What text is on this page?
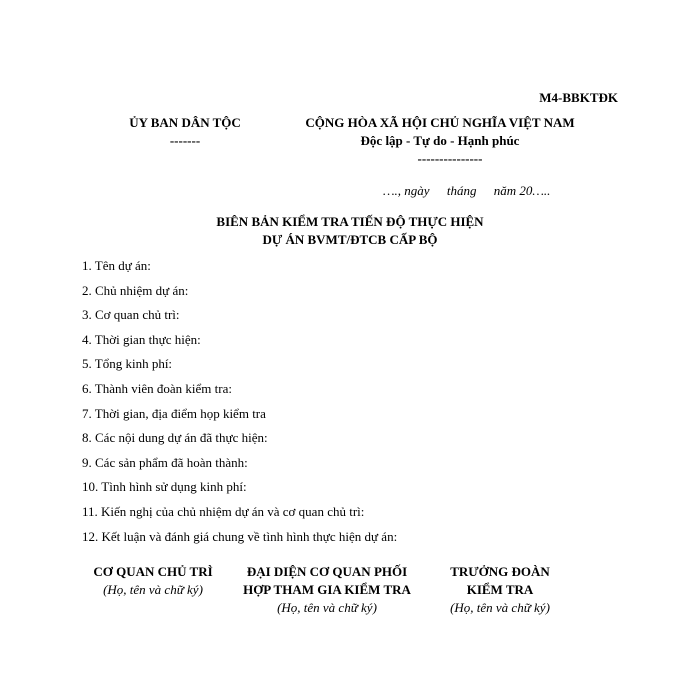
M4-BBKTĐK
ỦY BAN DÂN TỘC
-------
CỘNG HÒA XÃ HỘI CHỦ NGHĨA VIỆT NAM
Độc lập - Tự do - Hạnh phúc
---------------
…., ngày tháng năm 20…..
BIÊN BẢN KIỂM TRA TIẾN ĐỘ THỰC HIỆN
DỰ ÁN BVMT/ĐTCB CẤP BỘ
1. Tên dự án:
2. Chủ nhiệm dự án:
3. Cơ quan chủ trì:
4. Thời gian thực hiện:
5. Tổng kinh phí:
6. Thành viên đoàn kiểm tra:
7. Thời gian, địa điểm họp kiểm tra
8. Các nội dung dự án đã thực hiện:
9. Các sản phẩm đã hoàn thành:
10. Tình hình sử dụng kinh phí:
11. Kiến nghị của chủ nhiệm dự án và cơ quan chủ trì:
12. Kết luận và đánh giá chung về tình hình thực hiện dự án:
CƠ QUAN CHỦ TRÌ
(Họ, tên và chữ ký)
ĐẠI DIỆN CƠ QUAN PHỐI
HỢP THAM GIA KIỂM TRA
(Họ, tên và chữ ký)
TRƯỞNG ĐOÀN
KIỂM TRA
(Họ, tên và chữ ký)
